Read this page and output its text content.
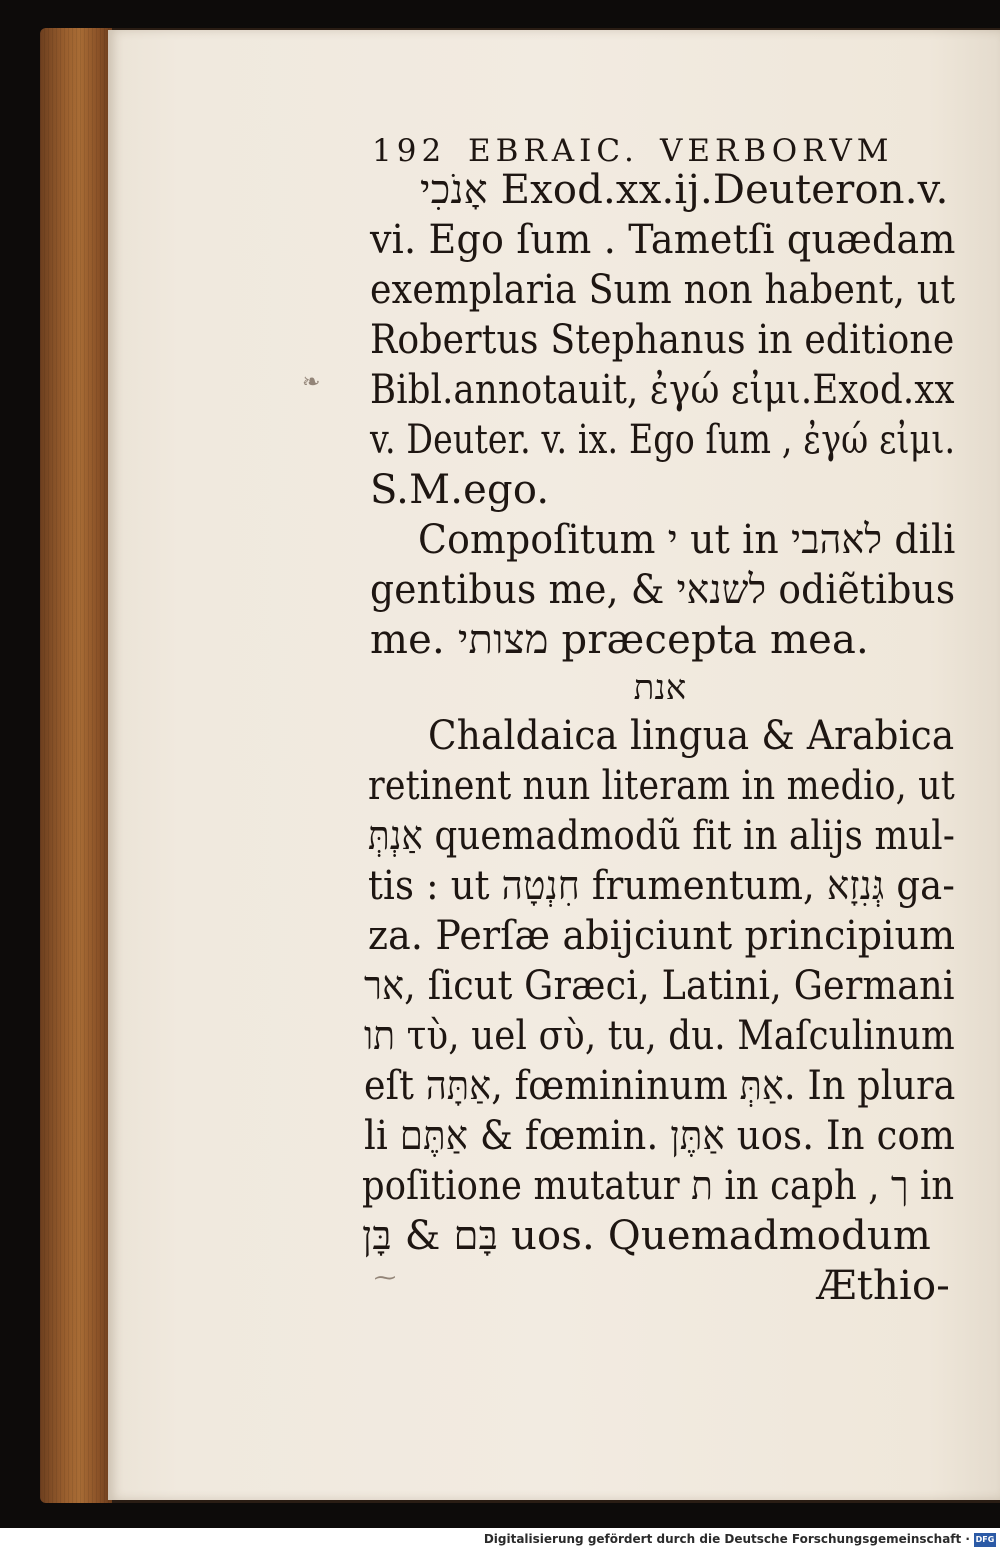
192 EBRAIC. VERBORVM
אָנֹכִי Exod.xx.ij.Deuteron.v.
vi. Ego ſum . Tametſi quædam
exemplaria Sum non habent, ut
Robertus Stephanus in editione
Bibl.annotauit, ἐγώ εἰμι.Exod.xx
v. Deuter. v. ix. Ego ſum , ἐγώ εἰμι.
S.M.ego.
Compoſitum י ut in לאהבי dili
gentibus me, & לשנאי odiẽtibus
me. מצותי præcepta mea.
אנת
Chaldaica lingua & Arabica
retinent nun literam in medio, ut
אַנְתְּ quemadmodũ fit in alijs mul-
tis : ut חִנְטָה frumentum, גְּנִזָא ga-
za. Perſæ abijciunt principium
אר, ſicut Græci, Latini, Germani
תו τὺ, uel σὺ, tu, du. Maſculinum
eſt אַתָּה, fœmininum אַתְּ. In plura
li אַתֶּם & fœmin. אַתֶּן uos. In com
poſitione mutatur ת in caph , ך in
בָּם & בָּן uos. Quemadmodum
Æthio-
❧
⁓
Digitalisierung gefördert durch die Deutsche Forschungsgemeinschaft · DFG
